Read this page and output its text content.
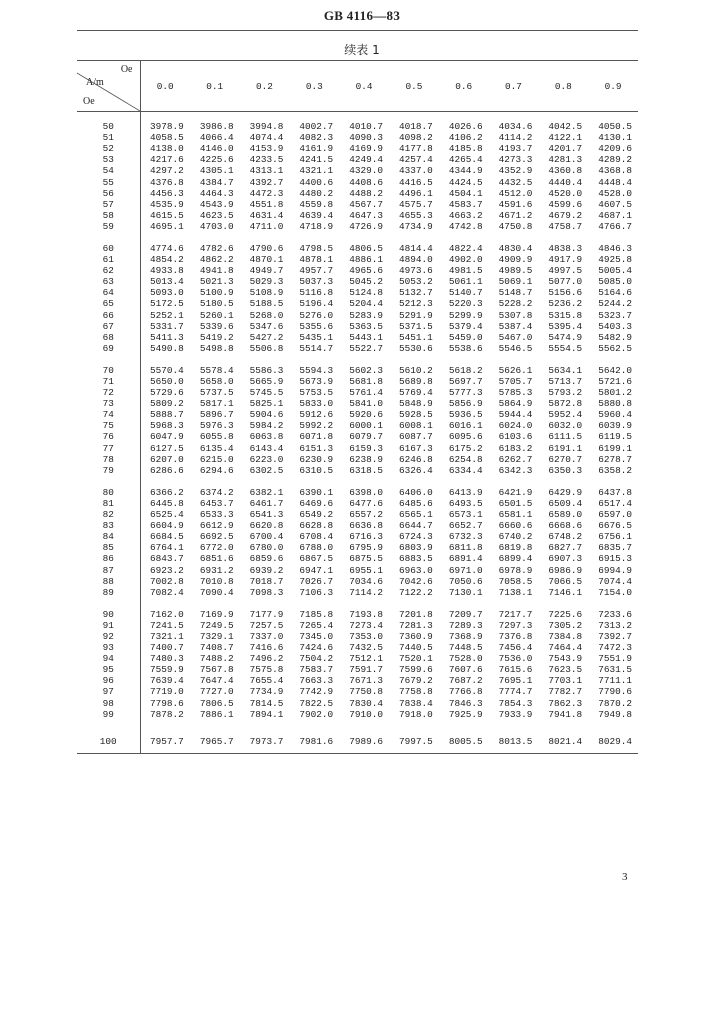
GB 4116—83
续表 1
Oe
A/m
Oe	0.0	0.1	0.2	0.3	0.4	0.5	0.6	0.7	0.8	0.9

50	3978.9	3986.8	3994.8	4002.7	4010.7	4018.7	4026.6	4034.6	4042.5	4050.5
51	4058.5	4066.4	4074.4	4082.3	4090.3	4098.2	4106.2	4114.2	4122.1	4130.1
52	4138.0	4146.0	4153.9	4161.9	4169.9	4177.8	4185.8	4193.7	4201.7	4209.6
53	4217.6	4225.6	4233.5	4241.5	4249.4	4257.4	4265.4	4273.3	4281.3	4289.2
54	4297.2	4305.1	4313.1	4321.1	4329.0	4337.0	4344.9	4352.9	4360.8	4368.8
55	4376.8	4384.7	4392.7	4400.6	4408.6	4416.5	4424.5	4432.5	4440.4	4448.4
56	4456.3	4464.3	4472.3	4480.2	4488.2	4496.1	4504.1	4512.0	4520.0	4528.0
57	4535.9	4543.9	4551.8	4559.8	4567.7	4575.7	4583.7	4591.6	4599.6	4607.5
58	4615.5	4623.5	4631.4	4639.4	4647.3	4655.3	4663.2	4671.2	4679.2	4687.1
59	4695.1	4703.0	4711.0	4718.9	4726.9	4734.9	4742.8	4750.8	4758.7	4766.7

60	4774.6	4782.6	4790.6	4798.5	4806.5	4814.4	4822.4	4830.4	4838.3	4846.3
61	4854.2	4862.2	4870.1	4878.1	4886.1	4894.0	4902.0	4909.9	4917.9	4925.8
62	4933.8	4941.8	4949.7	4957.7	4965.6	4973.6	4981.5	4989.5	4997.5	5005.4
63	5013.4	5021.3	5029.3	5037.3	5045.2	5053.2	5061.1	5069.1	5077.0	5085.0
64	5093.0	5100.9	5108.9	5116.8	5124.8	5132.7	5140.7	5148.7	5156.6	5164.6
65	5172.5	5180.5	5188.5	5196.4	5204.4	5212.3	5220.3	5228.2	5236.2	5244.2
66	5252.1	5260.1	5268.0	5276.0	5283.9	5291.9	5299.9	5307.8	5315.8	5323.7
67	5331.7	5339.6	5347.6	5355.6	5363.5	5371.5	5379.4	5387.4	5395.4	5403.3
68	5411.3	5419.2	5427.2	5435.1	5443.1	5451.1	5459.0	5467.0	5474.9	5482.9
69	5490.8	5498.8	5506.8	5514.7	5522.7	5530.6	5538.6	5546.5	5554.5	5562.5

70	5570.4	5578.4	5586.3	5594.3	5602.3	5610.2	5618.2	5626.1	5634.1	5642.0
71	5650.0	5658.0	5665.9	5673.9	5681.8	5689.8	5697.7	5705.7	5713.7	5721.6
72	5729.6	5737.5	5745.5	5753.5	5761.4	5769.4	5777.3	5785.3	5793.2	5801.2
73	5809.2	5817.1	5825.1	5833.0	5841.0	5848.9	5856.9	5864.9	5872.8	5880.8
74	5888.7	5896.7	5904.6	5912.6	5920.6	5928.5	5936.5	5944.4	5952.4	5960.4
75	5968.3	5976.3	5984.2	5992.2	6000.1	6008.1	6016.1	6024.0	6032.0	6039.9
76	6047.9	6055.8	6063.8	6071.8	6079.7	6087.7	6095.6	6103.6	6111.5	6119.5
77	6127.5	6135.4	6143.4	6151.3	6159.3	6167.3	6175.2	6183.2	6191.1	6199.1
78	6207.0	6215.0	6223.0	6230.9	6238.9	6246.8	6254.8	6262.7	6270.7	6278.7
79	6286.6	6294.6	6302.5	6310.5	6318.5	6326.4	6334.4	6342.3	6350.3	6358.2

80	6366.2	6374.2	6382.1	6390.1	6398.0	6406.0	6413.9	6421.9	6429.9	6437.8
81	6445.8	6453.7	6461.7	6469.6	6477.6	6485.6	6493.5	6501.5	6509.4	6517.4
82	6525.4	6533.3	6541.3	6549.2	6557.2	6565.1	6573.1	6581.1	6589.0	6597.0
83	6604.9	6612.9	6620.8	6628.8	6636.8	6644.7	6652.7	6660.6	6668.6	6676.5
84	6684.5	6692.5	6700.4	6708.4	6716.3	6724.3	6732.3	6740.2	6748.2	6756.1
85	6764.1	6772.0	6780.0	6788.0	6795.9	6803.9	6811.8	6819.8	6827.7	6835.7
86	6843.7	6851.6	6859.6	6867.5	6875.5	6883.5	6891.4	6899.4	6907.3	6915.3
87	6923.2	6931.2	6939.2	6947.1	6955.1	6963.0	6971.0	6978.9	6986.9	6994.9
88	7002.8	7010.8	7018.7	7026.7	7034.6	7042.6	7050.6	7058.5	7066.5	7074.4
89	7082.4	7090.4	7098.3	7106.3	7114.2	7122.2	7130.1	7138.1	7146.1	7154.0

90	7162.0	7169.9	7177.9	7185.8	7193.8	7201.8	7209.7	7217.7	7225.6	7233.6
91	7241.5	7249.5	7257.5	7265.4	7273.4	7281.3	7289.3	7297.3	7305.2	7313.2
92	7321.1	7329.1	7337.0	7345.0	7353.0	7360.9	7368.9	7376.8	7384.8	7392.7
93	7400.7	7408.7	7416.6	7424.6	7432.5	7440.5	7448.5	7456.4	7464.4	7472.3
94	7480.3	7488.2	7496.2	7504.2	7512.1	7520.1	7528.0	7536.0	7543.9	7551.9
95	7559.9	7567.8	7575.8	7583.7	7591.7	7599.6	7607.6	7615.6	7623.5	7631.5
96	7639.4	7647.4	7655.4	7663.3	7671.3	7679.2	7687.2	7695.1	7703.1	7711.1
97	7719.0	7727.0	7734.9	7742.9	7750.8	7758.8	7766.8	7774.7	7782.7	7790.6
98	7798.6	7806.5	7814.5	7822.5	7830.4	7838.4	7846.3	7854.3	7862.3	7870.2
99	7878.2	7886.1	7894.1	7902.0	7910.0	7918.0	7925.9	7933.9	7941.8	7949.8

100	7957.7	7965.7	7973.7	7981.6	7989.6	7997.5	8005.5	8013.5	8021.4	8029.4
3
